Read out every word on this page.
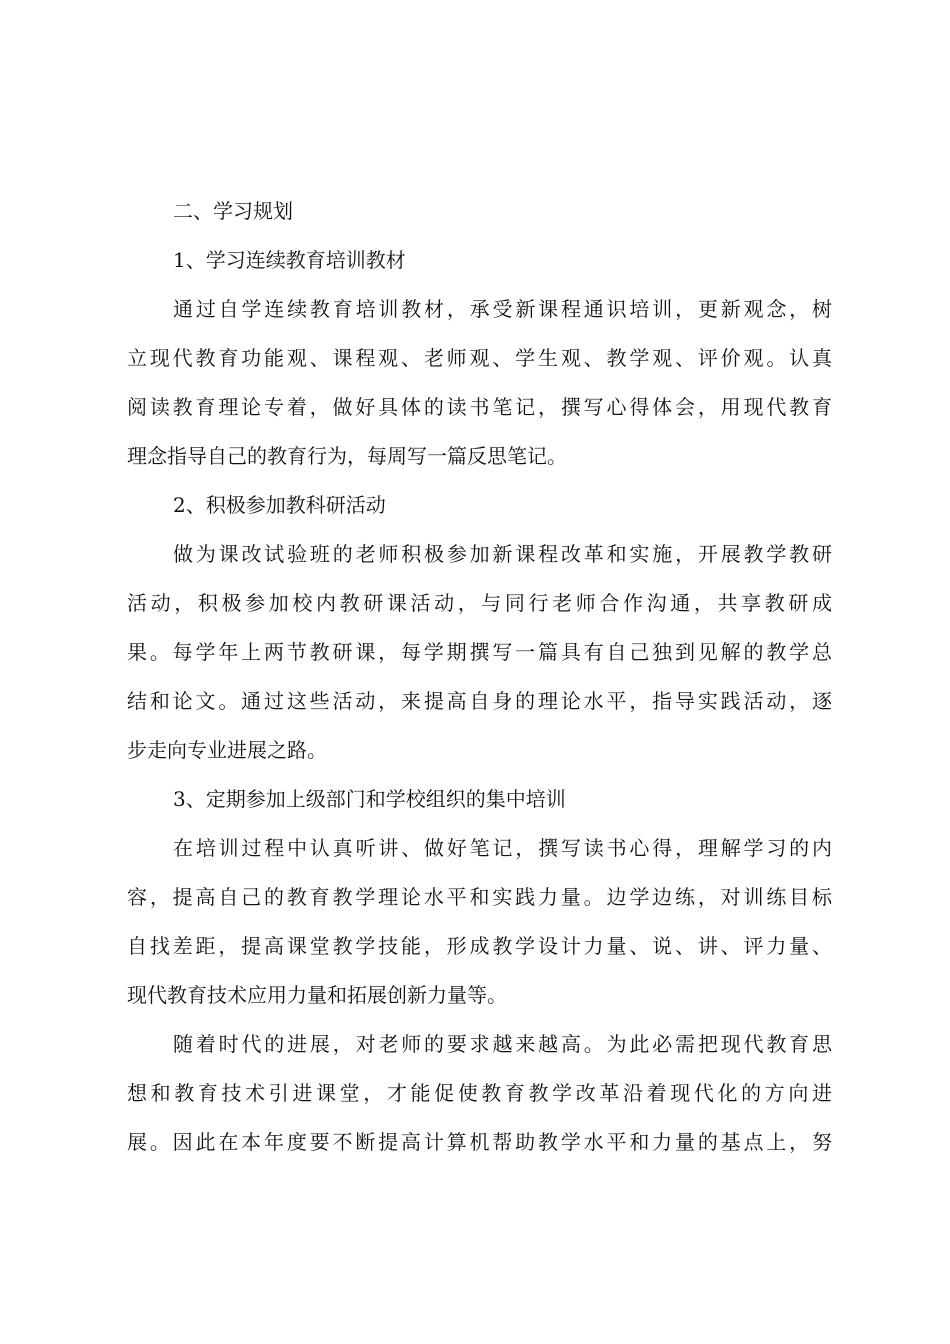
二、学习规划
1、学习连续教育培训教材
通过自学连续教育培训教材，承受新课程通识培训，更新观念，树
立现代教育功能观、课程观、老师观、学生观、教学观、评价观。认真
阅读教育理论专着，做好具体的读书笔记，撰写心得体会，用现代教育
理念指导自己的教育行为，每周写一篇反思笔记。
2、积极参加教科研活动
做为课改试验班的老师积极参加新课程改革和实施，开展教学教研
活动，积极参加校内教研课活动，与同行老师合作沟通，共享教研成
果。每学年上两节教研课，每学期撰写一篇具有自己独到见解的教学总
结和论文。通过这些活动，来提高自身的理论水平，指导实践活动，逐
步走向专业进展之路。
3、定期参加上级部门和学校组织的集中培训
在培训过程中认真听讲、做好笔记，撰写读书心得，理解学习的内
容，提高自己的教育教学理论水平和实践力量。边学边练，对训练目标
自找差距，提高课堂教学技能，形成教学设计力量、说、讲、评力量、
现代教育技术应用力量和拓展创新力量等。
随着时代的进展，对老师的要求越来越高。为此必需把现代教育思
想和教育技术引进课堂，才能促使教育教学改革沿着现代化的方向进
展。因此在本年度要不断提高计算机帮助教学水平和力量的基点上，努
